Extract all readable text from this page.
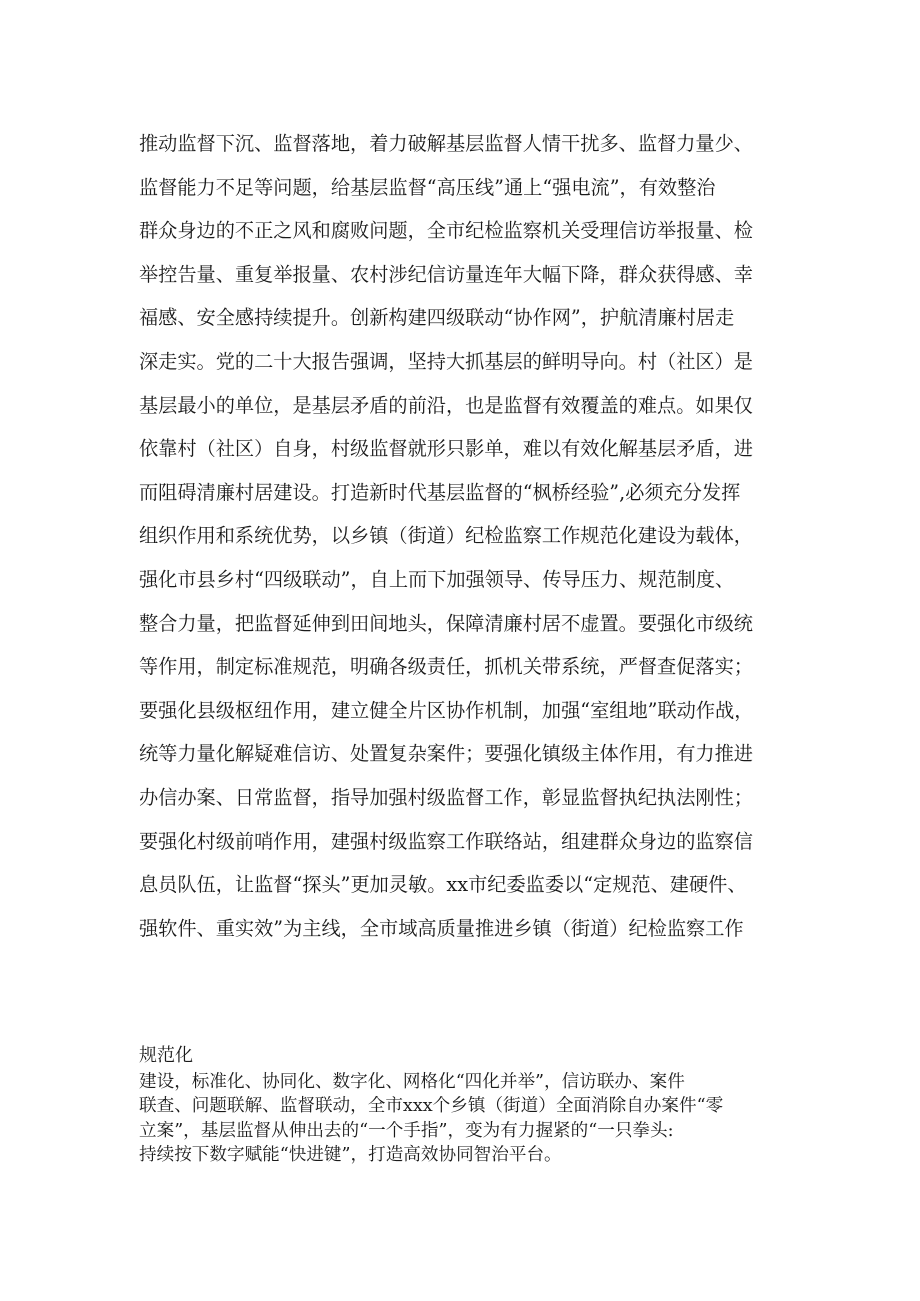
推动监督下沉、监督落地，着力破解基层监督人情干扰多、监督力量少、
监督能力不足等问题，给基层监督“高压线”通上“强电流”，有效整治
群众身边的不正之风和腐败问题，全市纪检监察机关受理信访举报量、检
举控告量、重复举报量、农村涉纪信访量连年大幅下降，群众获得感、幸
福感、安全感持续提升。创新构建四级联动“协作网”，护航清廉村居走
深走实。党的二十大报告强调，坚持大抓基层的鲜明导向。村（社区）是
基层最小的单位，是基层矛盾的前沿，也是监督有效覆盖的难点。如果仅
依靠村（社区）自身，村级监督就形只影单，难以有效化解基层矛盾，进
而阻碍清廉村居建设。打造新时代基层监督的“枫桥经验”,必须充分发挥
组织作用和系统优势，以乡镇（街道）纪检监察工作规范化建设为载体，
强化市县乡村“四级联动”，自上而下加强领导、传导压力、规范制度、
整合力量，把监督延伸到田间地头，保障清廉村居不虚置。要强化市级统
等作用，制定标准规范，明确各级责任，抓机关带系统，严督查促落实；
要强化县级枢纽作用，建立健全片区协作机制，加强“室组地”联动作战，
统等力量化解疑难信访、处置复杂案件；要强化镇级主体作用，有力推进
办信办案、日常监督，指导加强村级监督工作，彰显监督执纪执法刚性；
要强化村级前哨作用，建强村级监察工作联络站，组建群众身边的监察信
息员队伍，让监督“探头”更加灵敏。xx市纪委监委以“定规范、建硬件、
强软件、重实效”为主线，全市域高质量推进乡镇（街道）纪检监察工作
规范化
建设，标准化、协同化、数字化、网格化“四化并举”，信访联办、案件
联查、问题联解、监督联动，全市xxx个乡镇（街道）全面消除自办案件“零
立案”，基层监督从伸出去的“一个手指”，变为有力握紧的“一只拳头:
持续按下数字赋能“快进键”，打造高效协同智治平台。
